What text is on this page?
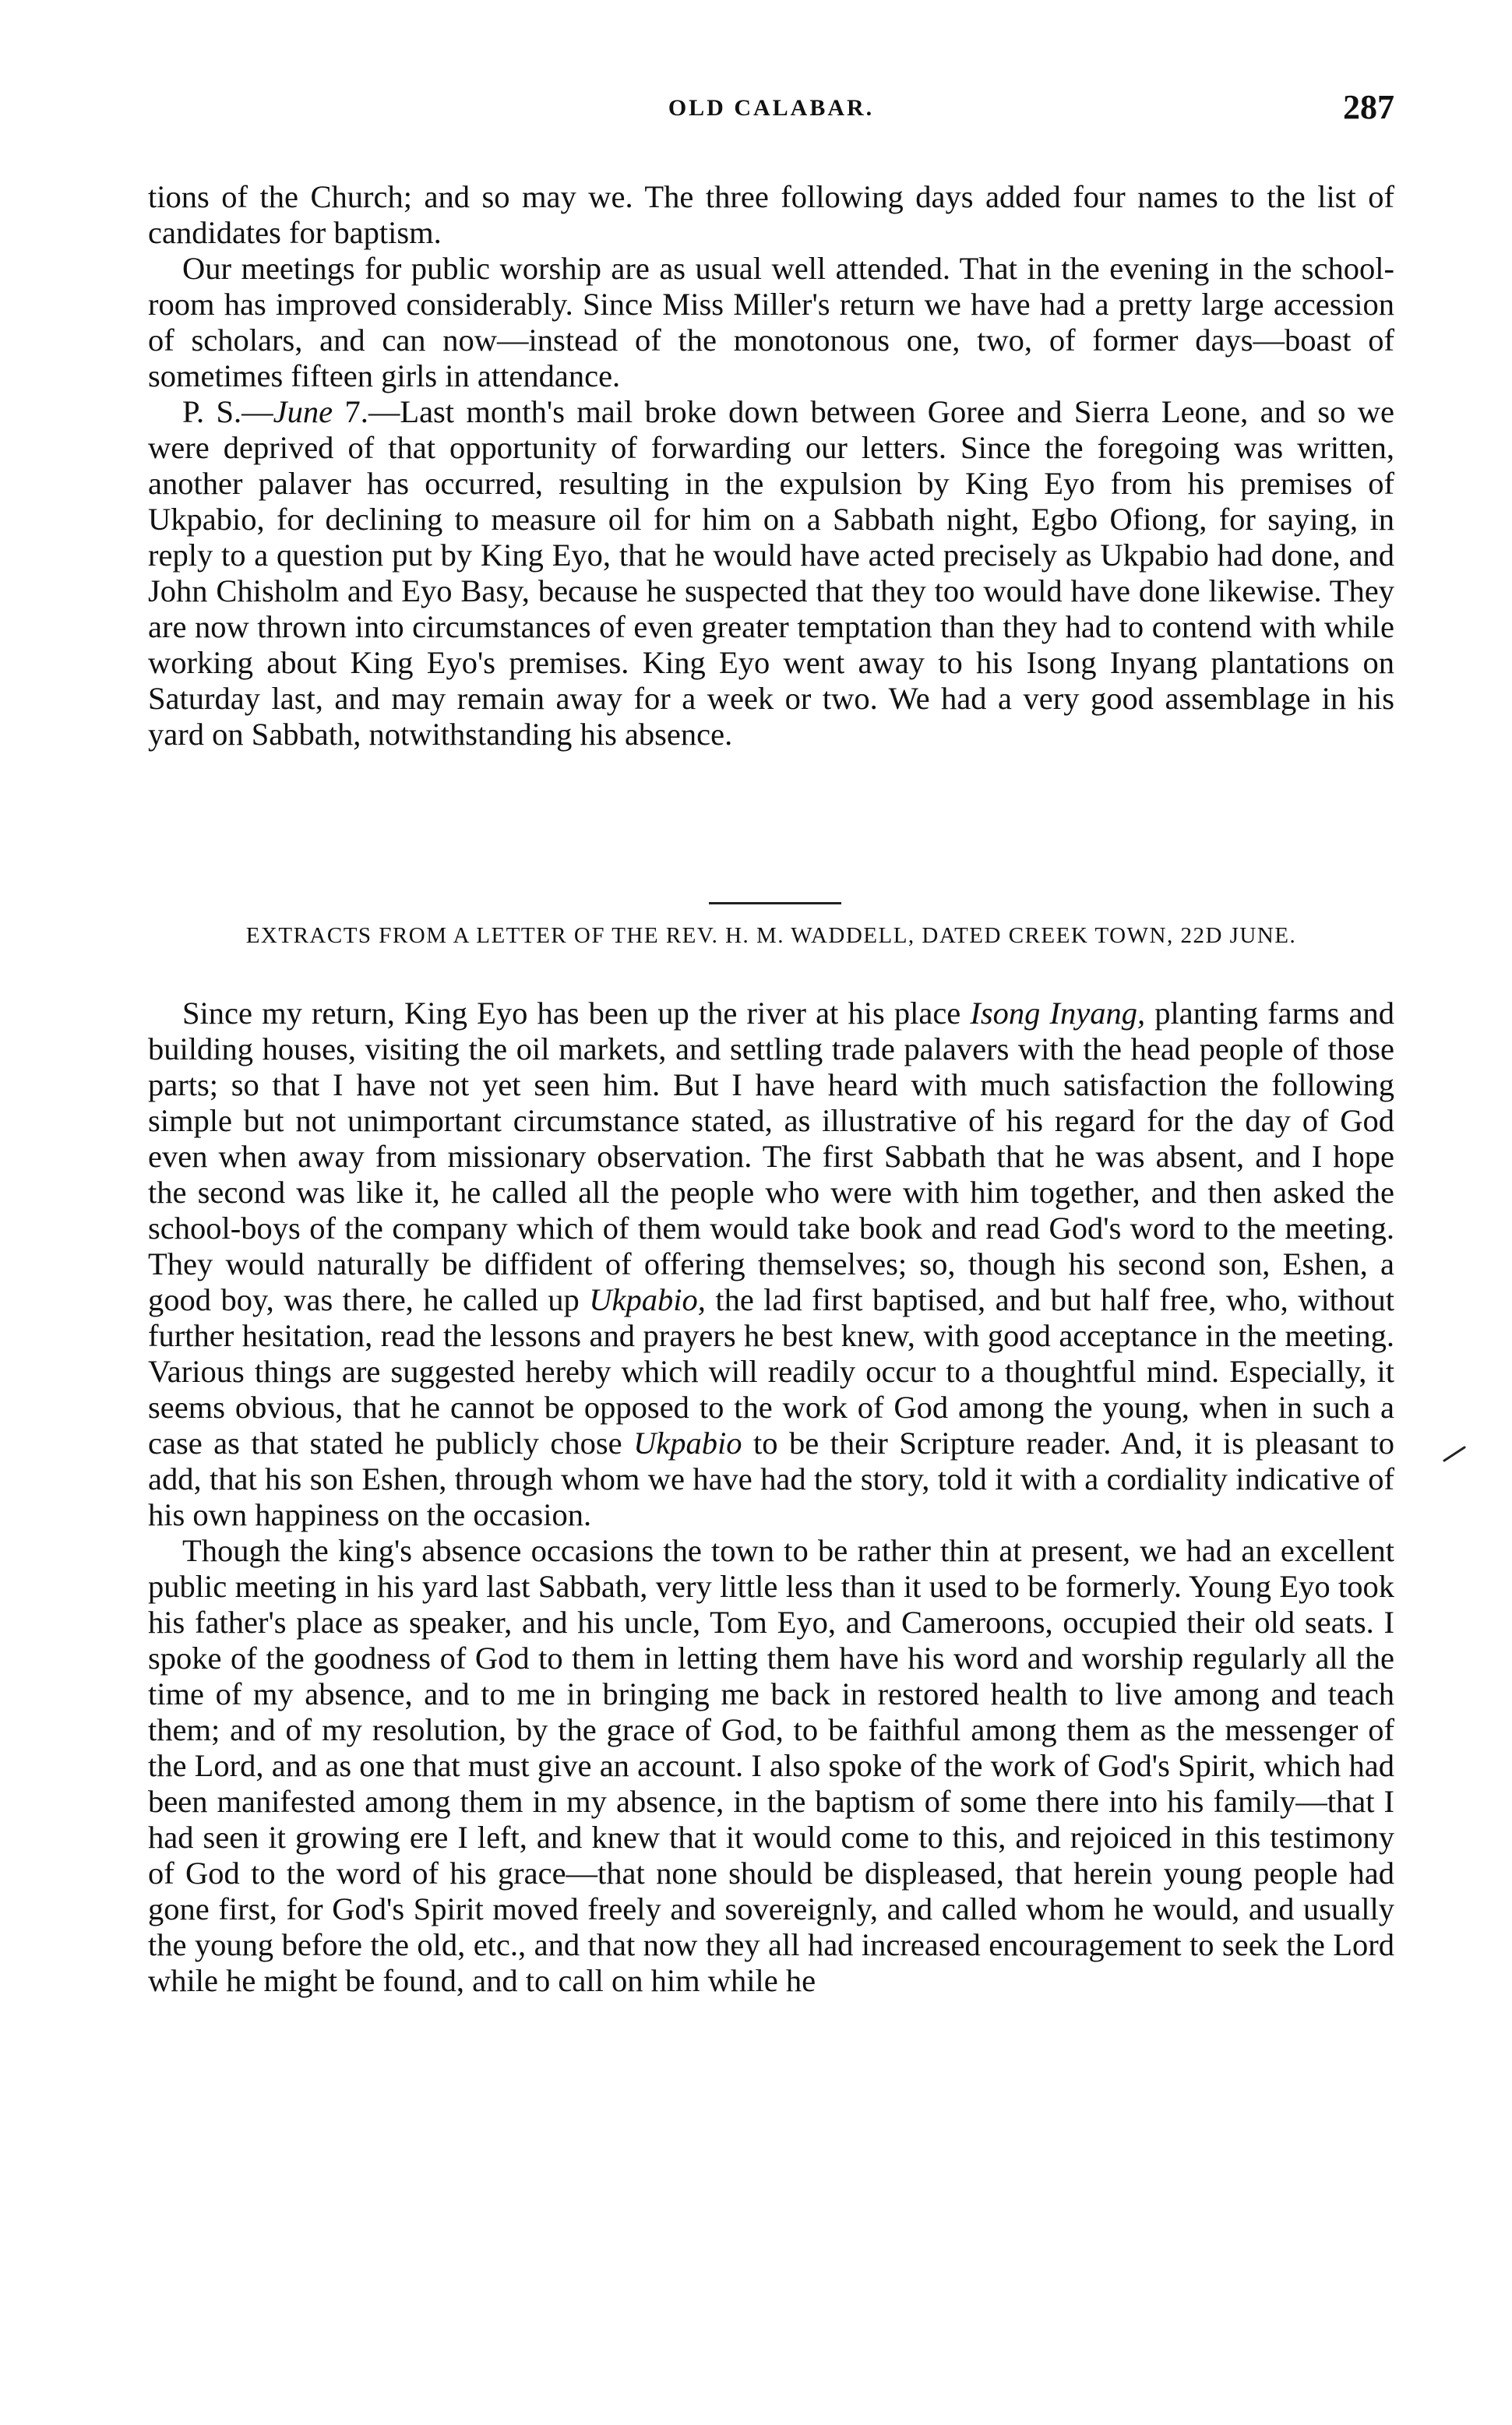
OLD CALABAR.	287

tions of the Church; and so may we. The three following days added four names to the list of candidates for baptism.

Our meetings for public worship are as usual well attended. That in the evening in the school-room has improved considerably. Since Miss Miller's return we have had a pretty large accession of scholars, and can now—instead of the monotonous one, two, of former days—boast of sometimes fifteen girls in attendance.

P. S.—June 7.—Last month's mail broke down between Goree and Sierra Leone, and so we were deprived of that opportunity of forwarding our letters. Since the foregoing was written, another palaver has occurred, resulting in the expulsion by King Eyo from his premises of Ukpabio, for declining to measure oil for him on a Sabbath night, Egbo Ofiong, for saying, in reply to a question put by King Eyo, that he would have acted precisely as Ukpabio had done, and John Chisholm and Eyo Basy, because he suspected that they too would have done likewise. They are now thrown into circumstances of even greater temptation than they had to contend with while working about King Eyo's premises. King Eyo went away to his Isong Inyang plantations on Saturday last, and may remain away for a week or two. We had a very good assemblage in his yard on Sabbath, notwithstanding his absence.

EXTRACTS FROM A LETTER OF THE REV. H. M. WADDELL, DATED CREEK TOWN, 22D JUNE.

Since my return, King Eyo has been up the river at his place Isong Inyang, planting farms and building houses, visiting the oil markets, and settling trade palavers with the head people of those parts; so that I have not yet seen him. But I have heard with much satisfaction the following simple but not unimportant circumstance stated, as illustrative of his regard for the day of God even when away from missionary observation. The first Sabbath that he was absent, and I hope the second was like it, he called all the people who were with him together, and then asked the school-boys of the company which of them would take book and read God's word to the meeting. They would naturally be diffident of offering themselves; so, though his second son, Eshen, a good boy, was there, he called up Ukpabio, the lad first baptised, and but half free, who, without further hesitation, read the lessons and prayers he best knew, with good acceptance in the meeting. Various things are suggested hereby which will readily occur to a thoughtful mind. Especially, it seems obvious, that he cannot be opposed to the work of God among the young, when in such a case as that stated he publicly chose Ukpabio to be their Scripture reader. And, it is pleasant to add, that his son Eshen, through whom we have had the story, told it with a cordiality indicative of his own happiness on the occasion.

Though the king's absence occasions the town to be rather thin at present, we had an excellent public meeting in his yard last Sabbath, very little less than it used to be formerly. Young Eyo took his father's place as speaker, and his uncle, Tom Eyo, and Cameroons, occupied their old seats. I spoke of the goodness of God to them in letting them have his word and worship regularly all the time of my absence, and to me in bringing me back in restored health to live among and teach them; and of my resolution, by the grace of God, to be faithful among them as the messenger of the Lord, and as one that must give an account. I also spoke of the work of God's Spirit, which had been manifested among them in my absence, in the baptism of some there into his family—that I had seen it growing ere I left, and knew that it would come to this, and rejoiced in this testimony of God to the word of his grace—that none should be displeased, that herein young people had gone first, for God's Spirit moved freely and sovereignly, and called whom he would, and usually the young before the old, etc., and that now they all had increased encouragement to seek the Lord while he might be found, and to call on him while he
